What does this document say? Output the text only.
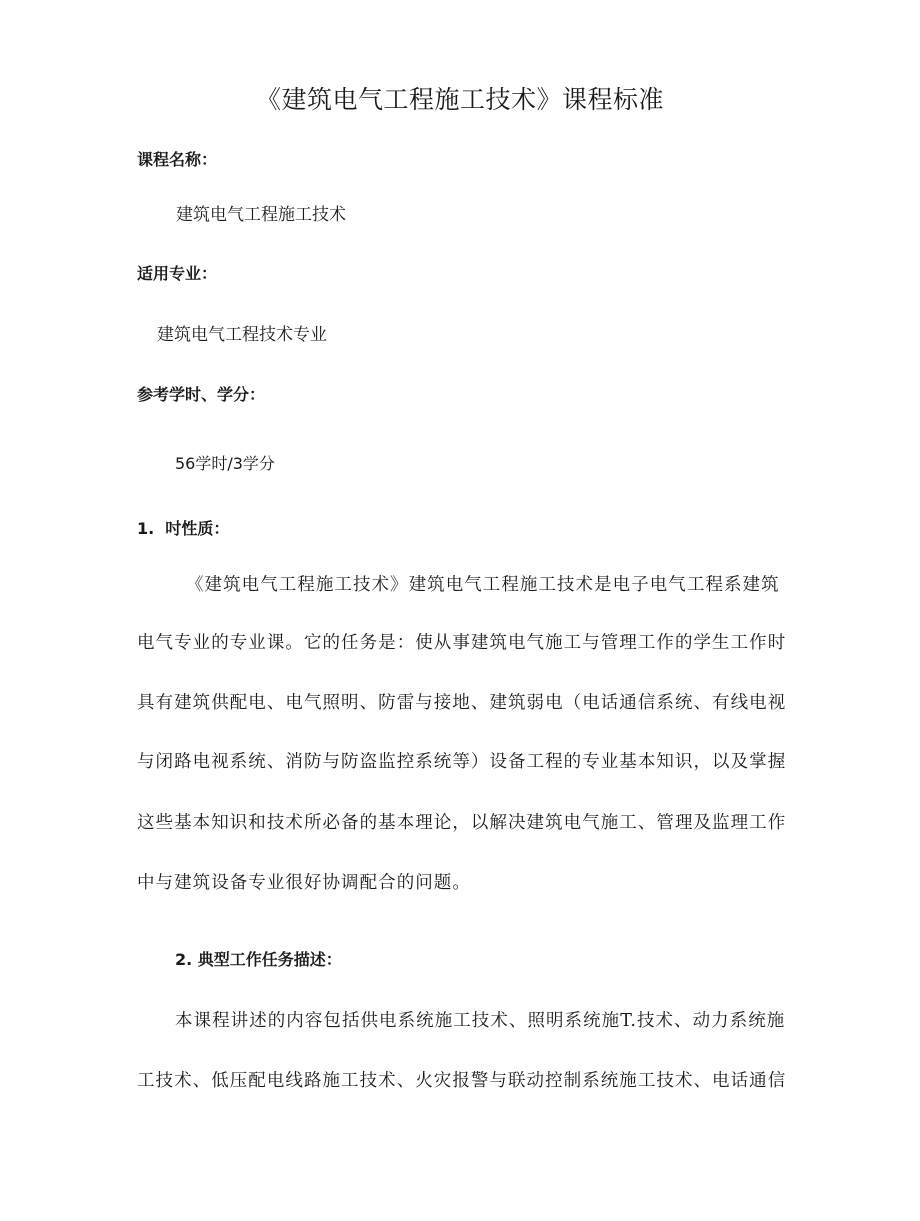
《建筑电气工程施工技术》课程标准
课程名称：
建筑电气工程施工技术
适用专业：
建筑电气工程技术专业
参考学时、学分：
56学时/3学分
1.  吋性质：
《建筑电气工程施工技术》建筑电气工程施工技术是电子电气工程系建筑
电气专业的专业课。它的任务是：使从事建筑电气施工与管理工作的学生工作时
具有建筑供配电、电气照明、防雷与接地、建筑弱电（电话通信系统、有线电视
与闭路电视系统、消防与防盗监控系统等）设备工程的专业基本知识，以及掌握
这些基本知识和技术所必备的基本理论，以解决建筑电气施工、管理及监理工作
中与建筑设备专业很好协调配合的问题。
2. 典型工作任务描述：
本课程讲述的内容包括供电系统施工技术、照明系统施T.技术、动力系统施
工技术、低压配电线路施工技术、火灾报警与联动控制系统施工技术、电话通信
